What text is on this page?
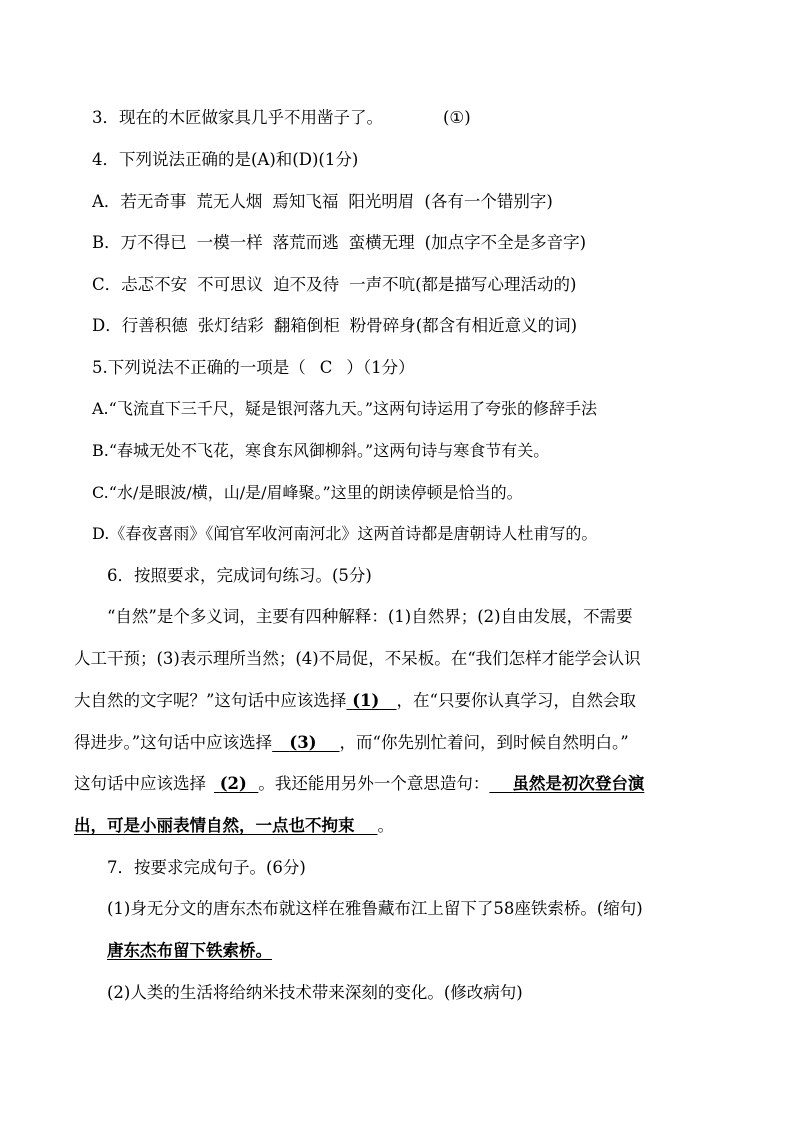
3．现在的木匠做家具几乎不用凿子了。	(①)
4．下列说法正确的是(A)和(D)(1分)
A．若无奇事 荒无人烟 焉知飞福 阳光明眉 (各有一个错别字)
B．万不得已 一模一样 落荒而逃 蛮横无理 (加点字不全是多音字)
C．忐忑不安 不可思议 迫不及待 一声不吭(都是描写心理活动的)
D．行善积德 张灯结彩 翻箱倒柜 粉骨碎身(都含有相近意义的词)
5.下列说法不正确的一项是（ C ）（1分）
A.“飞流直下三千尺，疑是银河落九天。”这两句诗运用了夸张的修辞手法
B.“春城无处不飞花，寒食东风御柳斜。”这两句诗与寒食节有关。
C.“水/是眼波/横，山/是/眉峰聚。”这里的朗读停顿是恰当的。
D.《春夜喜雨》《闻官军收河南河北》这两首诗都是唐朝诗人杜甫写的。
6．按照要求，完成词句练习。(5分)
“自然”是个多义词，主要有四种解释：(1)自然界；(2)自由发展，不需要
人工干预；(3)表示理所当然；(4)不局促，不呆板。在“我们怎样才能学会认识
大自然的文字呢？”这句话中应该选择 (1) ，在“只要你认真学习，自然会取
得进步。”这句话中应该选择 (3) ，而“你先别忙着问，到时候自然明白。”
这句话中应该选择 (2) 。我还能用另外一个意思造句： 虽然是初次登台演
出，可是小丽表情自然，一点也不拘束 。
7．按要求完成句子。(6分)
(1)身无分文的唐东杰布就这样在雅鲁藏布江上留下了58座铁索桥。(缩句)
唐东杰布留下铁索桥。
(2)人类的生活将给纳米技术带来深刻的变化。(修改病句)
